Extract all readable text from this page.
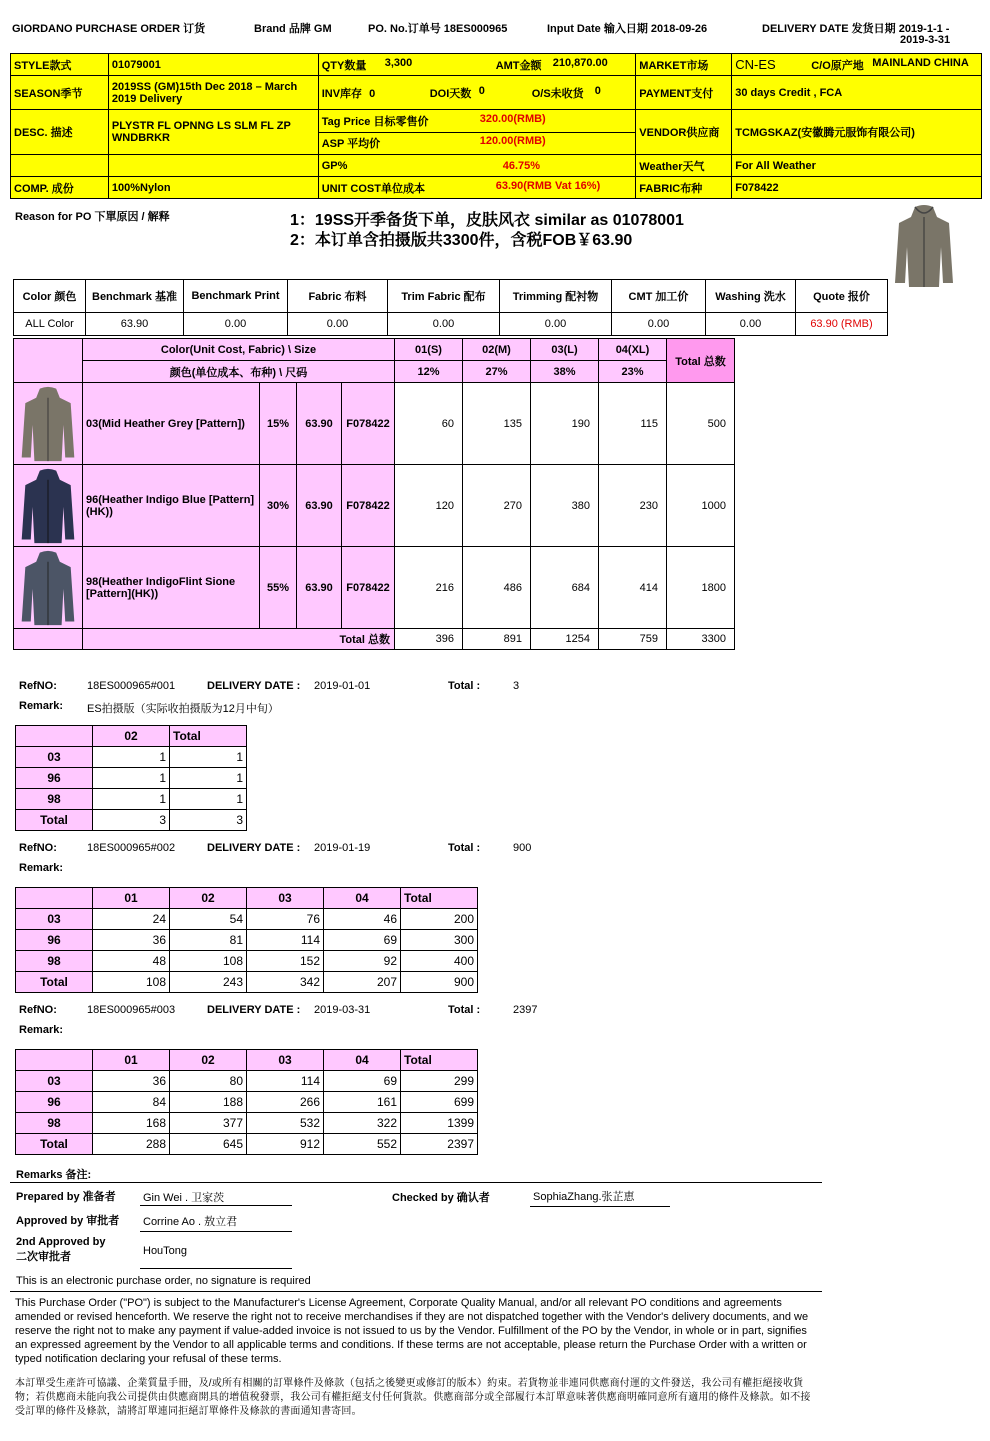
GIORDANO PURCHASE ORDER 订货	Brand 品牌 GM	PO. No.订单号 18ES000965	Input Date 输入日期 2018-09-26	DELIVERY DATE 发货日期 2019-1-1 -
2019-3-31
STYLE款式	01079001	QTY数量 3,300 AMT金额 210,870.00	MARKET市场	CN-ES C/O原产地 MAINLAND CHINA

SEASON季节	2019SS (GM)15th Dec 2018 – March 2019 Delivery	INV库存 0 DOI天数 0 O/S未收货 0	PAYMENT支付	30 days Credit , FCA
DESC. 描述	PLYSTR FL OPNNG LS SLM FL ZP WNDBRKR	Tag Price 目标零售价 320.00(RMB)	VENDOR供应商	TCMGSKAZ(安徽腾元服饰有限公司)
		ASP 平均价 120.00(RMB)		

		GP% 46.75%	Weather天气	For All Weather
COMP. 成份	100%Nylon	UNIT COST单位成本 63.90(RMB Vat 16%)	FABRIC布种	F078422
Reason for PO 下單原因 / 解释	1：19SS开季备货下单，皮肤风衣 similar as 01078001
2：本订单含拍摄版共3300件，含税FOB￥63.90
Color 颜色	Benchmark 基准	Benchmark Print	Fabric 布料	Trim Fabric 配布	Trimming 配衬物	CMT 加工价	Washing 洗水	Quote 报价
ALL Color	63.90	0.00	0.00	0.00	0.00	0.00	0.00	63.90 (RMB)
	Color(Unit Cost, Fabric) \ Size				01(S)	02(M)	03(L)	04(XL)	Total 总数
	颜色(单位成本、布种) \ 尺码				12%	27%	38%	23%	

	03(Mid Heather Grey [Pattern])	15%	63.90	F078422	60	135	190	115	500

	96(Heather Indigo Blue [Pattern](HK))	30%	63.90	F078422	120	270	380	230	1000

	98(Heather IndigoFlint Sione [Pattern](HK))	55%	63.90	F078422	216	486	684	414	1800
	Total 总数				396	891	1254	759	3300
RefNO:	18ES000965#001	DELIVERY DATE : 2019-01-01	Total :	3
Remark: ES拍摄版（实际收拍摄版为12月中旬）
	02	Total
03	1	1
96	1	1
98	1	1
Total	3	3
RefNO:	18ES000965#002	DELIVERY DATE : 2019-01-19	Total :	900
Remark:
	01	02	03	04	Total
03	24	54	76	46	200
96	36	81	114	69	300
98	48	108	152	92	400
Total	108	243	342	207	900
RefNO:	18ES000965#003	DELIVERY DATE : 2019-03-31	Total :	2397
Remark:
	01	02	03	04	Total
03	36	80	114	69	299
96	84	188	266	161	699
98	168	377	532	322	1399
Total	288	645	912	552	2397
Remarks 备注:
Prepared by 准备者 Gin Wei . 卫家茨	Checked by 确认者	SophiaZhang.张芷恵
Approved by 审批者 Corrine Ao . 敖立君
2nd Approved by
二次审批者	HouTong
This is an electronic purchase order, no signature is required
This Purchase Order ("PO") is subject to the Manufacturer's License Agreement, Corporate Quality Manual, and/or all relevant PO conditions and agreements amended or revised henceforth. We reserve the right not to receive merchandises if they are not dispatched together with the Vendor's delivery documents, and we reserve the right not to make any payment if value-added invoice is not issued to us by the Vendor. Fulfillment of the PO by the Vendor, in whole or in part, signifies an expressed agreement by the Vendor to all applicable terms and conditions. If these terms are not acceptable, please return the Purchase Order with a written or typed notification declaring your refusal of these terms.
本訂單受生產許可協議、企業質量手冊，及/或所有相關的訂單條件及條款（包括之後變更或修訂的版本）約束。若貨物並非連同供應商付運的文件發送，我公司有權拒絕接收貨物；若供應商未能向我公司提供由供應商開具的增值稅發票，我公司有權拒絕支付任何貨款。供應商部分或全部履行本訂單意味著供應商明確同意所有適用的條件及條款。如不接受訂單的條件及條款，請將訂單連同拒絕訂單條件及條款的書面通知書寄回。
